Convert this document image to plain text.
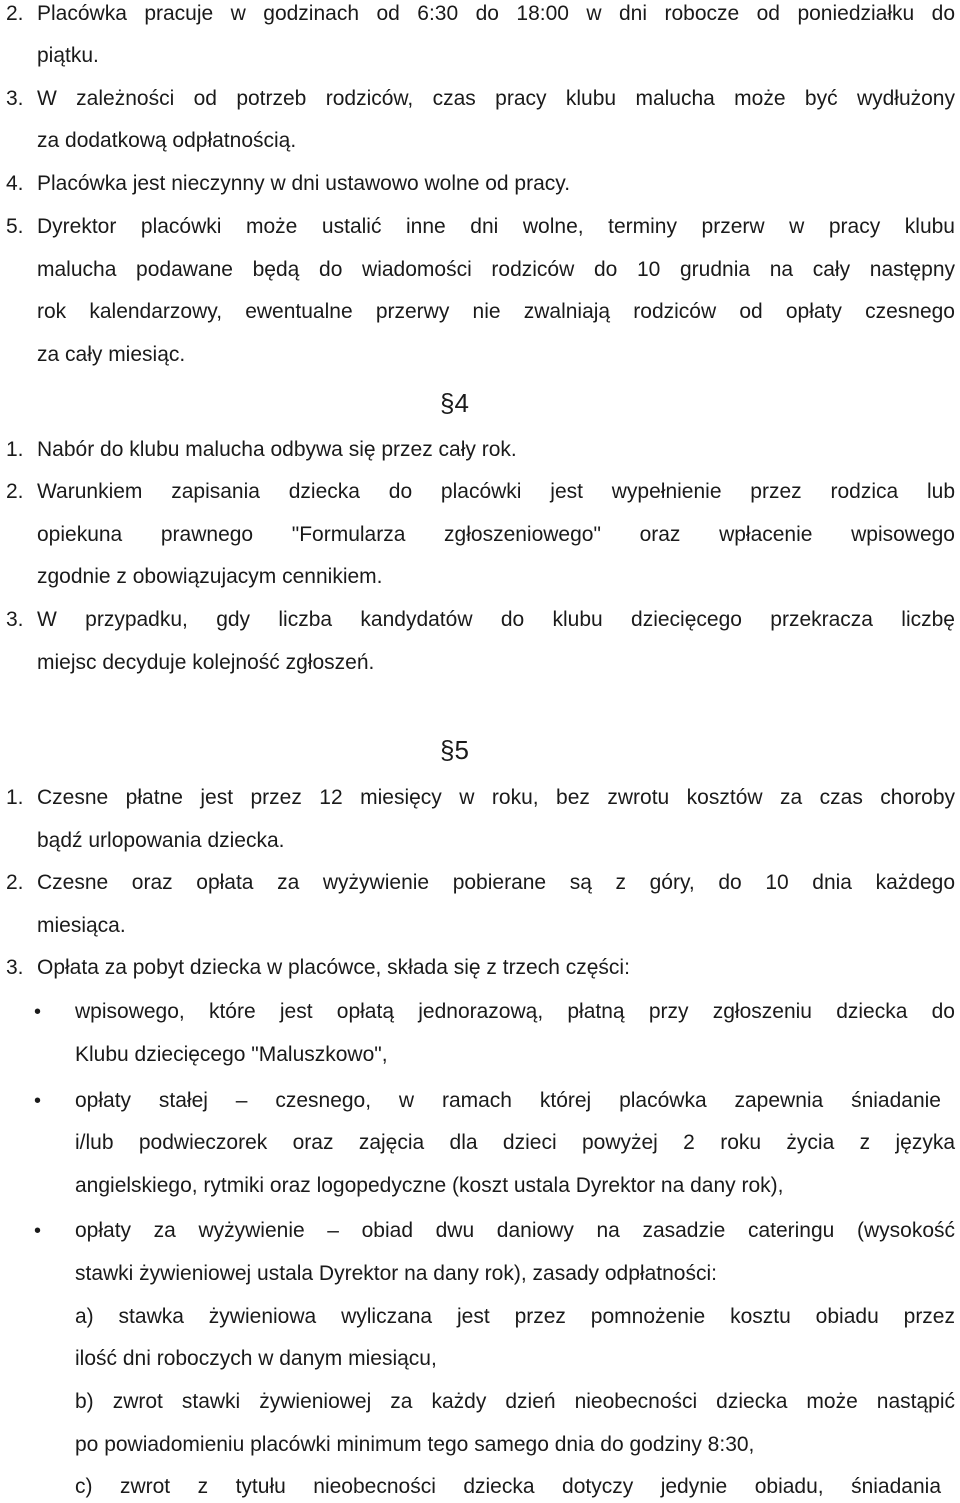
2. Placówka pracuje w godzinach od 6:30 do 18:00 w dni robocze od poniedziałku do
piątku.
3. W zależności od potrzeb rodziców, czas pracy klubu malucha może być wydłużony
za dodatkową odpłatnością.
4. Placówka jest nieczynny w dni ustawowo wolne od pracy.
5. Dyrektor placówki może ustalić inne dni wolne, terminy przerw w pracy klubu
malucha podawane będą do wiadomości rodziców do 10 grudnia na cały następny
rok kalendarzowy, ewentualne przerwy nie zwalniają rodziców od opłaty czesnego
za cały miesiąc.
§4
1. Nabór do klubu malucha odbywa się przez cały rok.
2. Warunkiem zapisania dziecka do placówki jest wypełnienie przez rodzica lub
opiekuna prawnego "Formularza zgłoszeniowego" oraz wpłacenie wpisowego
zgodnie z obowiązujacym cennikiem.
3. W przypadku, gdy liczba kandydatów do klubu dziecięcego przekracza liczbę
miejsc decyduje kolejność zgłoszeń.
§5
1. Czesne płatne jest przez 12 miesięcy w roku, bez zwrotu kosztów za czas choroby
bądź urlopowania dziecka.
2. Czesne oraz opłata za wyżywienie pobierane są z góry, do 10 dnia każdego
miesiąca.
3. Opłata za pobyt dziecka w placówce, składa się z trzech części:
• wpisowego, które jest opłatą jednorazową, płatną przy zgłoszeniu dziecka do
Klubu dziecięcego "Maluszkowo",
• opłaty stałej – czesnego, w ramach której placówka zapewnia śniadanie
i/lub podwieczorek oraz zajęcia dla dzieci powyżej 2 roku życia z języka
angielskiego, rytmiki oraz logopedyczne (koszt ustala Dyrektor na dany rok),
• opłaty za wyżywienie – obiad dwu daniowy na zasadzie cateringu (wysokość
stawki żywieniowej ustala Dyrektor na dany rok), zasady odpłatności:
a) stawka żywieniowa wyliczana jest przez pomnożenie kosztu obiadu przez
ilość dni roboczych w danym miesiącu,
b) zwrot stawki żywieniowej za każdy dzień nieobecności dziecka może nastąpić
po powiadomieniu placówki minimum tego samego dnia do godziny 8:30,
c) zwrot z tytułu nieobecności dziecka dotyczy jedynie obiadu, śniadania
